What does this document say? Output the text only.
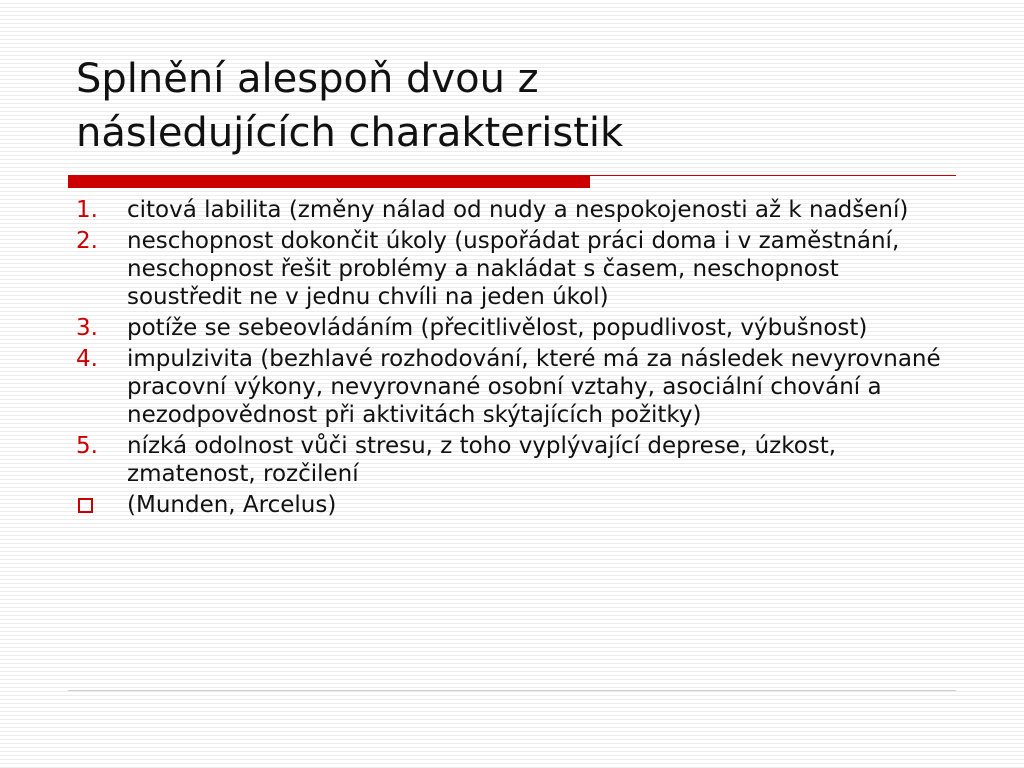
Splnění alespoň dvou z
následujících charakteristik
1.	citová labilita (změny nálad od nudy a nespokojenosti až k nadšení)
2.	neschopnost dokončit úkoly (uspořádat práci doma i v zaměstnání, neschopnost řešit problémy a nakládat s časem, neschopnost soustředit ne v jednu chvíli na jeden úkol)
3.	potíže se sebeovládáním (přecitlivělost, popudlivost, výbušnost)
4.	impulzivita (bezhlavé rozhodování, které má za následek nevyrovnané pracovní výkony, nevyrovnané osobní vztahy, asociální chování a nezodpovědnost při aktivitách skýtajících požitky)
5.	nízká odolnost vůči stresu, z toho vyplývající deprese, úzkost, zmatenost, rozčilení
(Munden, Arcelus)
